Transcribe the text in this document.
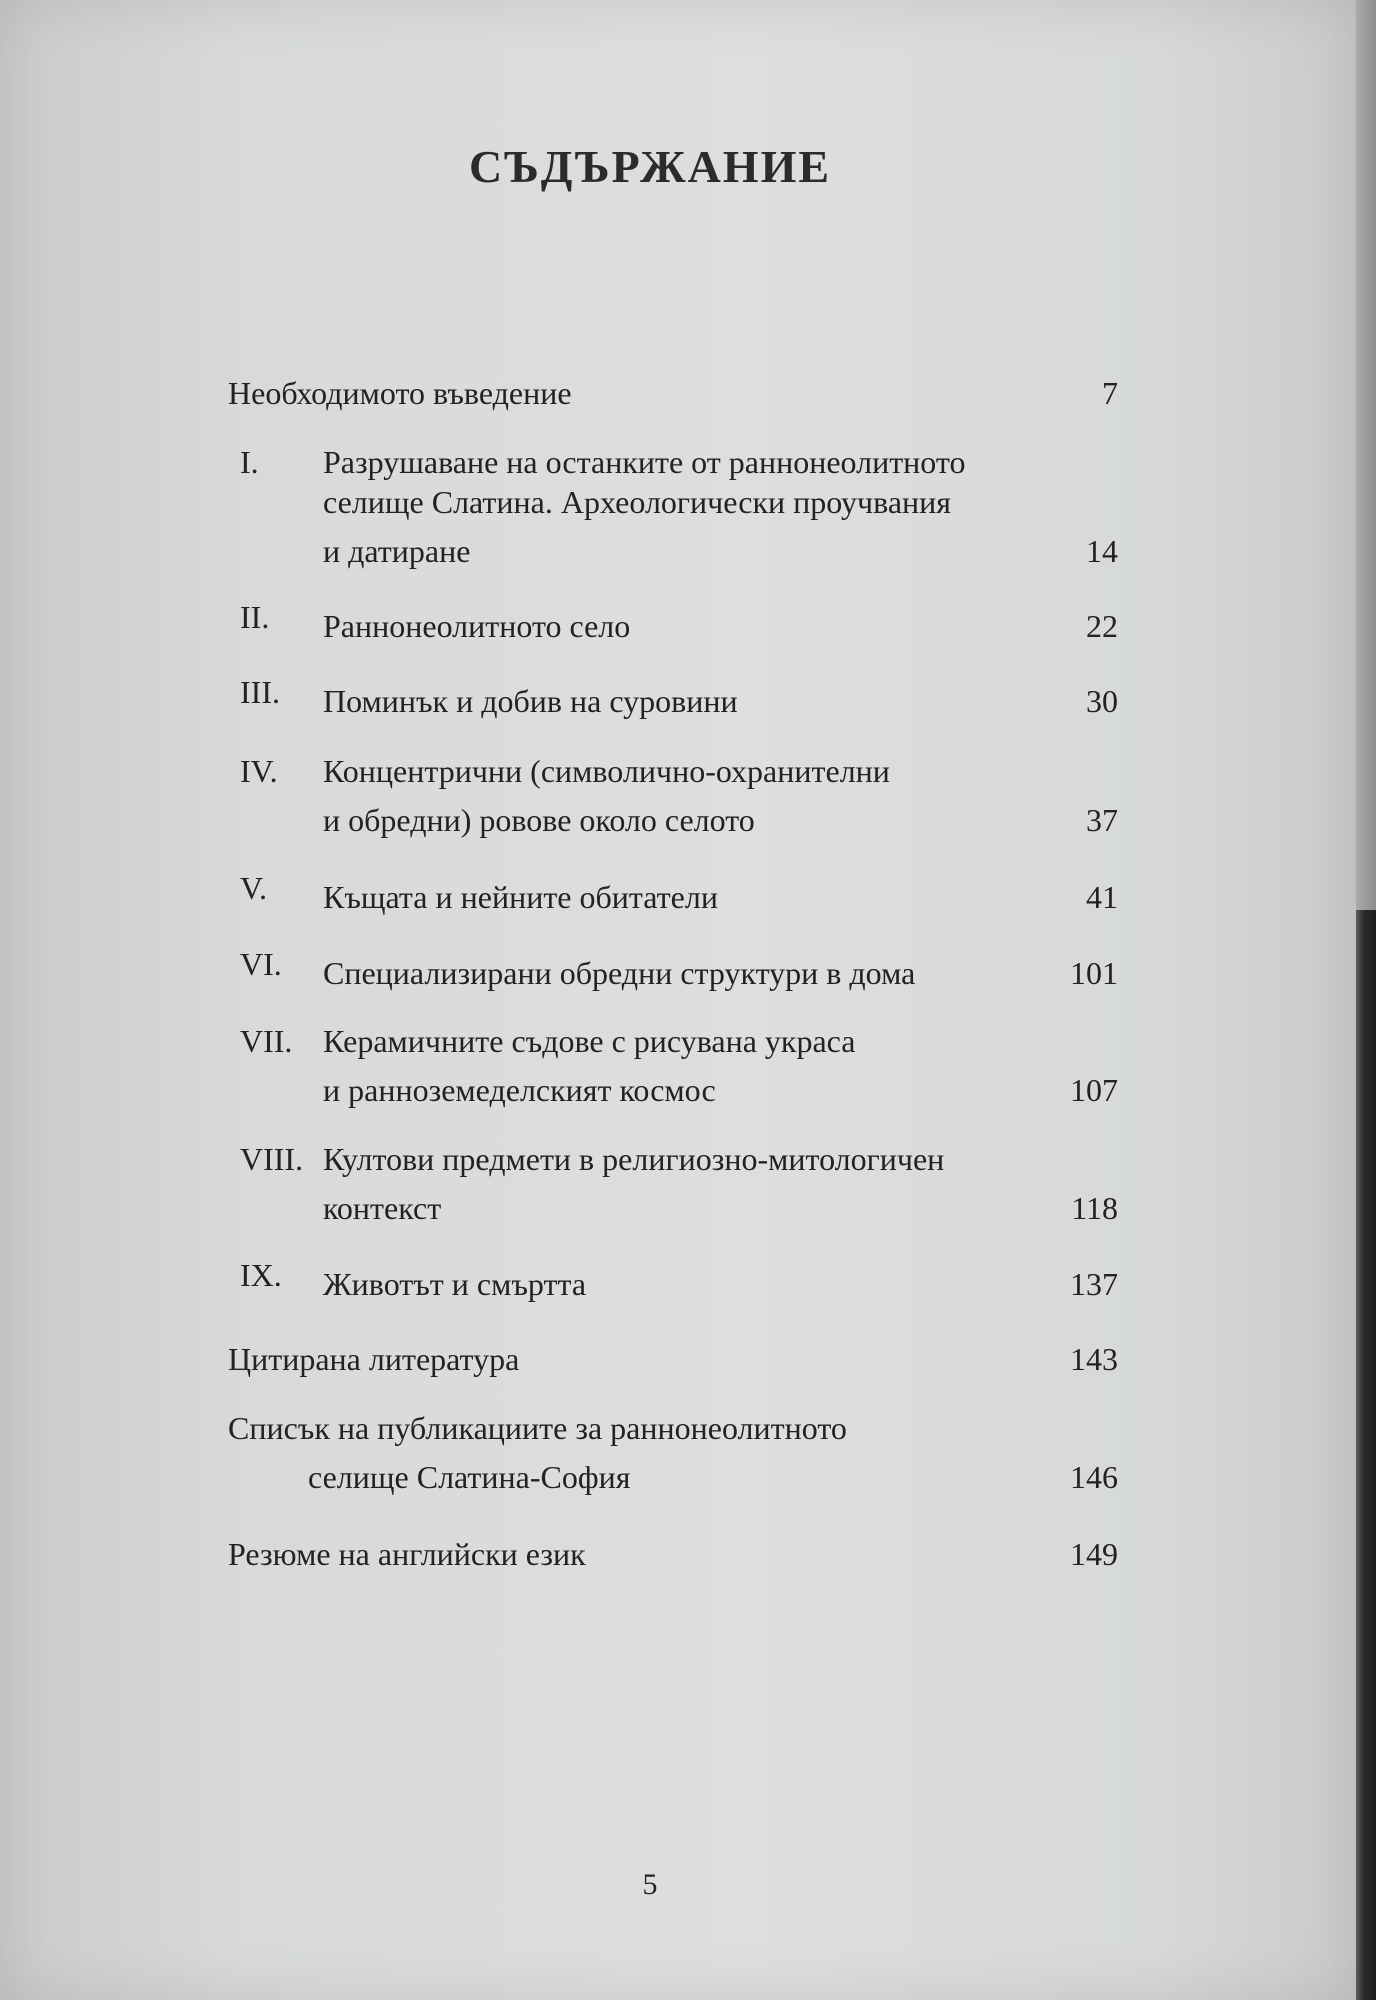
СЪДЪРЖАНИЕ
Необходимото въведение	7
I. Разрушаване на останките от раннонеолитното
селище Слатина. Археологически проучвания
и датиране	14
II. Раннонеолитното село	22
III. Поминък и добив на суровини	30
IV. Концентрични (символично-охранителни
и обредни) ровове около селото	37
V. Къщата и нейните обитатели	41
VI. Специализирани обредни структури в дома	101
VII. Керамичните съдове с рисувана украса
и раннoземеделският космос	107
VIII. Култови предмети в религиозно-митологичен
контекст	118
IX. Животът и смъртта	137
Цитирана литература	143
Списък на публикациите за раннонеолитното
селище Слатина-София	146
Резюме на английски език	149
5
